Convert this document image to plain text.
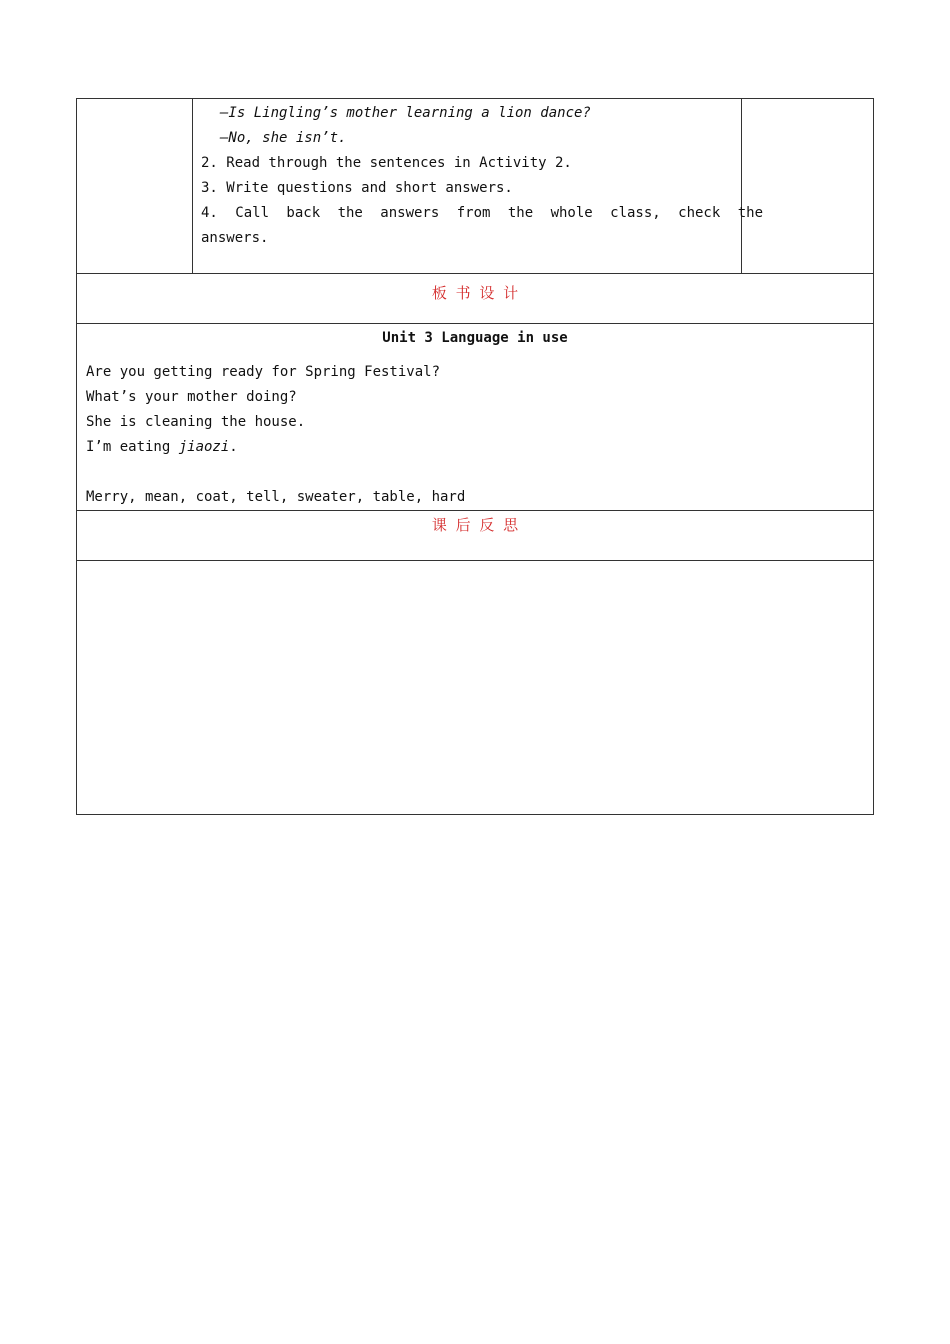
—Is Lingling’s mother learning a lion dance?
—No, she isn’t.
2. Read through the sentences in Activity 2.
3. Write questions and short answers.
4. Call back the answers from the whole class, check the
answers.

板 书 设 计

Unit 3 Language in use
Are you getting ready for Spring Festival?
What’s your mother doing?
She is cleaning the house.
I’m eating jiaozi.
Merry, mean, coat, tell, sweater, table, hard

课 后 反 思
